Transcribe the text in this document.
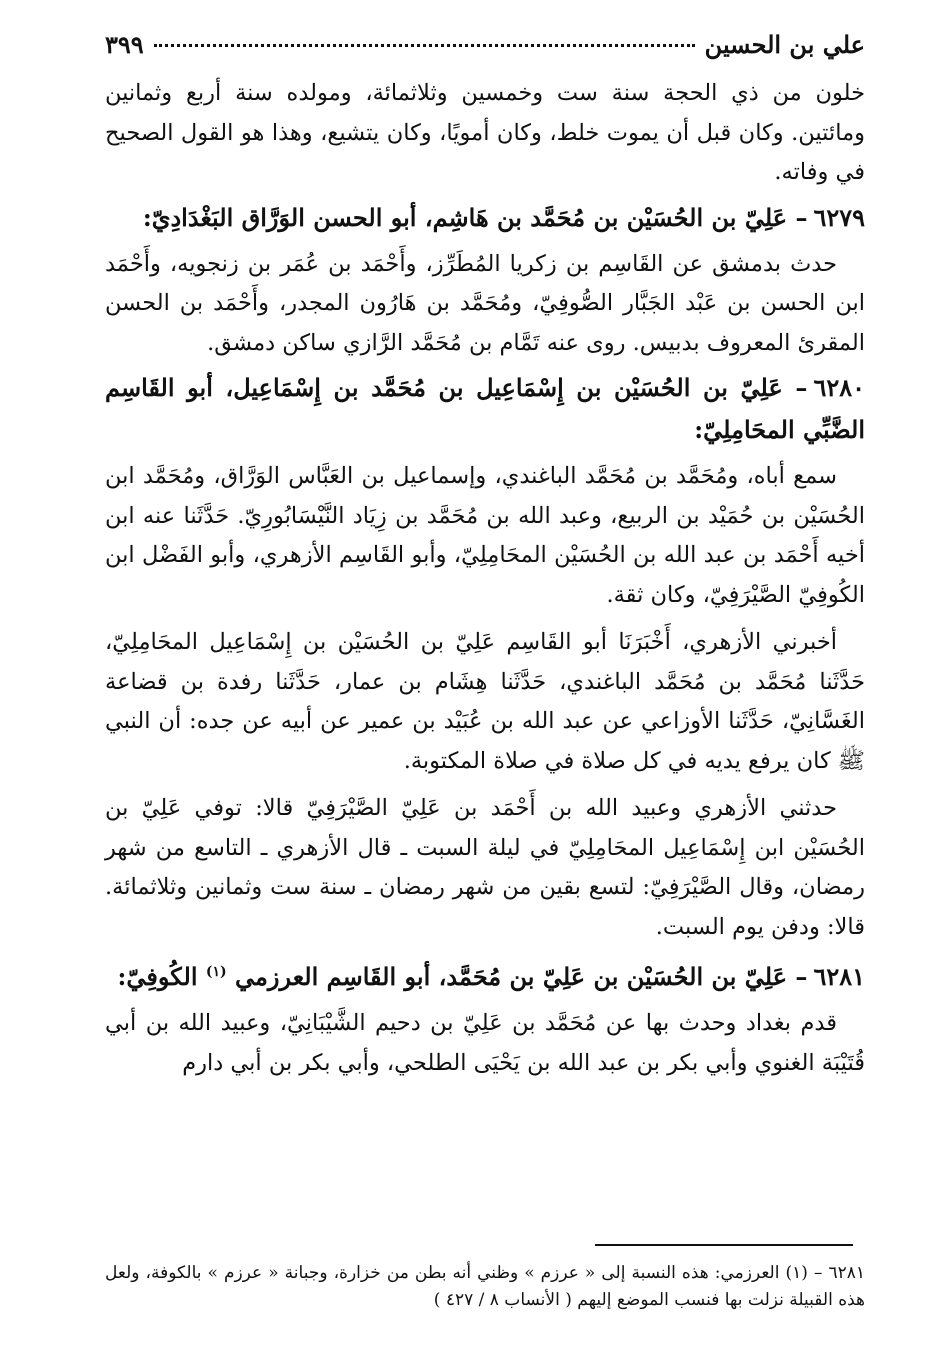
علي بن الحسين
٣٩٩

خلون من ذي الحجة سنة ست وخمسين وثلاثمائة، ومولده سنة أربع وثمانين ومائتين. وكان قبل أن يموت خلط، وكان أمويًا، وكان يتشيع، وهذا هو القول الصحيح في وفاته.

٦٢٧٩– عَلِيّ بن الحُسَيْن بن مُحَمَّد بن هَاشِم، أبو الحسن الوَرَّاق البَغْدَادِيّ:

حدث بدمشق عن القَاسِم بن زكريا المُطَرِّز، وأَحْمَد بن عُمَر بن زنجويه، وأَحْمَد ابن الحسن بن عَبْد الجَبَّار الصُّوفِيّ، ومُحَمَّد بن هَارُون المجدر، وأَحْمَد بن الحسن المقرئ المعروف بدبيس. روى عنه تَمَّام بن مُحَمَّد الرَّازي ساكن دمشق.

٦٢٨٠– عَلِيّ بن الحُسَيْن بن إِسْمَاعِيل بن مُحَمَّد بن إِسْمَاعِيل، أبو القَاسِم الضَّبِّي المحَامِلِيّ:

سمع أباه، ومُحَمَّد بن مُحَمَّد الباغندي، وإسماعيل بن العَبَّاس الوَرَّاق، ومُحَمَّد ابن الحُسَيْن بن حُمَيْد بن الربيع، وعبد الله بن مُحَمَّد بن زِيَاد النَّيْسَابُورِيّ. حَدَّثَنا عنه ابن أخيه أَحْمَد بن عبد الله بن الحُسَيْن المحَامِلِيّ، وأبو القَاسِم الأزهري، وأبو الفَضْل ابن الكُوفِيّ الصَّيْرَفِيّ، وكان ثقة.

أخبرني الأزهري، أَخْبَرَنَا أبو القَاسِم عَلِيّ بن الحُسَيْن بن إِسْمَاعِيل المحَامِلِيّ، حَدَّثَنا مُحَمَّد بن مُحَمَّد الباغندي، حَدَّثَنا هِشَام بن عمار، حَدَّثَنا رفدة بن قضاعة الغَسَّانِيّ، حَدَّثَنا الأوزاعي عن عبد الله بن عُبَيْد بن عمير عن أبيه عن جده: أن النبي ﷺ كان يرفع يديه في كل صلاة في صلاة المكتوبة.

حدثني الأزهري وعبيد الله بن أَحْمَد بن عَلِيّ الصَّيْرَفِيّ قالا: توفي عَلِيّ بن الحُسَيْن ابن إِسْمَاعِيل المحَامِلِيّ في ليلة السبت ـ قال الأزهري ـ التاسع من شهر رمضان، وقال الصَّيْرَفِيّ: لتسع بقين من شهر رمضان ـ سنة ست وثمانين وثلاثمائة. قالا: ودفن يوم السبت.

٦٢٨١– عَلِيّ بن الحُسَيْن بن عَلِيّ بن مُحَمَّد، أبو القَاسِم العرزمي $^{(١)}$ الكُوفِيّ:

قدم بغداد وحدث بها عن مُحَمَّد بن عَلِيّ بن دحيم الشَّيْبَانِيّ، وعبيد الله بن أبي قُتَيْبَة الغنوي وأبي بكر بن عبد الله بن يَحْيَى الطلحي، وأبي بكر بن أبي دارم

٦٢٨١ – (١) العرزمي: هذه النسبة إلى « عرزم » وظني أنه بطن من خزارة، وجبانة « عرزم » بالكوفة، ولعل هذه القبيلة نزلت بها فنسب الموضع إليهم ( الأنساب ٨ / ٤٢٧ )
